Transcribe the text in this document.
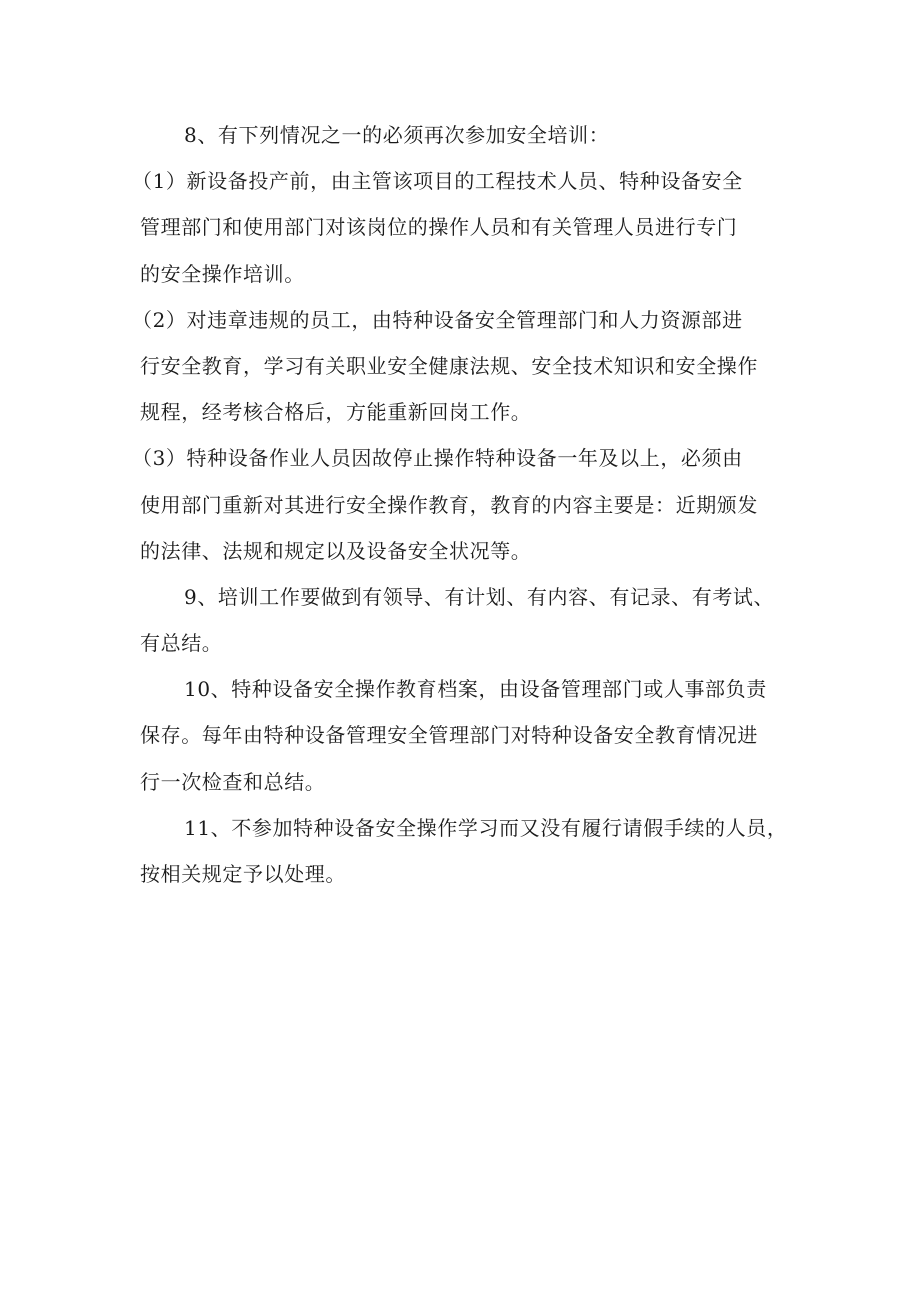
8、有下列情况之一的必须再次参加安全培训：
（1）新设备投产前，由主管该项目的工程技术人员、特种设备安全
管理部门和使用部门对该岗位的操作人员和有关管理人员进行专门
的安全操作培训。
（2）对违章违规的员工，由特种设备安全管理部门和人力资源部进
行安全教育，学习有关职业安全健康法规、安全技术知识和安全操作
规程，经考核合格后，方能重新回岗工作。
（3）特种设备作业人员因故停止操作特种设备一年及以上，必须由
使用部门重新对其进行安全操作教育，教育的内容主要是：近期颁发
的法律、法规和规定以及设备安全状况等。
9、培训工作要做到有领导、有计划、有内容、有记录、有考试、
有总结。
10、特种设备安全操作教育档案，由设备管理部门或人事部负责
保存。每年由特种设备管理安全管理部门对特种设备安全教育情况进
行一次检查和总结。
11、不参加特种设备安全操作学习而又没有履行请假手续的人员，
按相关规定予以处理。
